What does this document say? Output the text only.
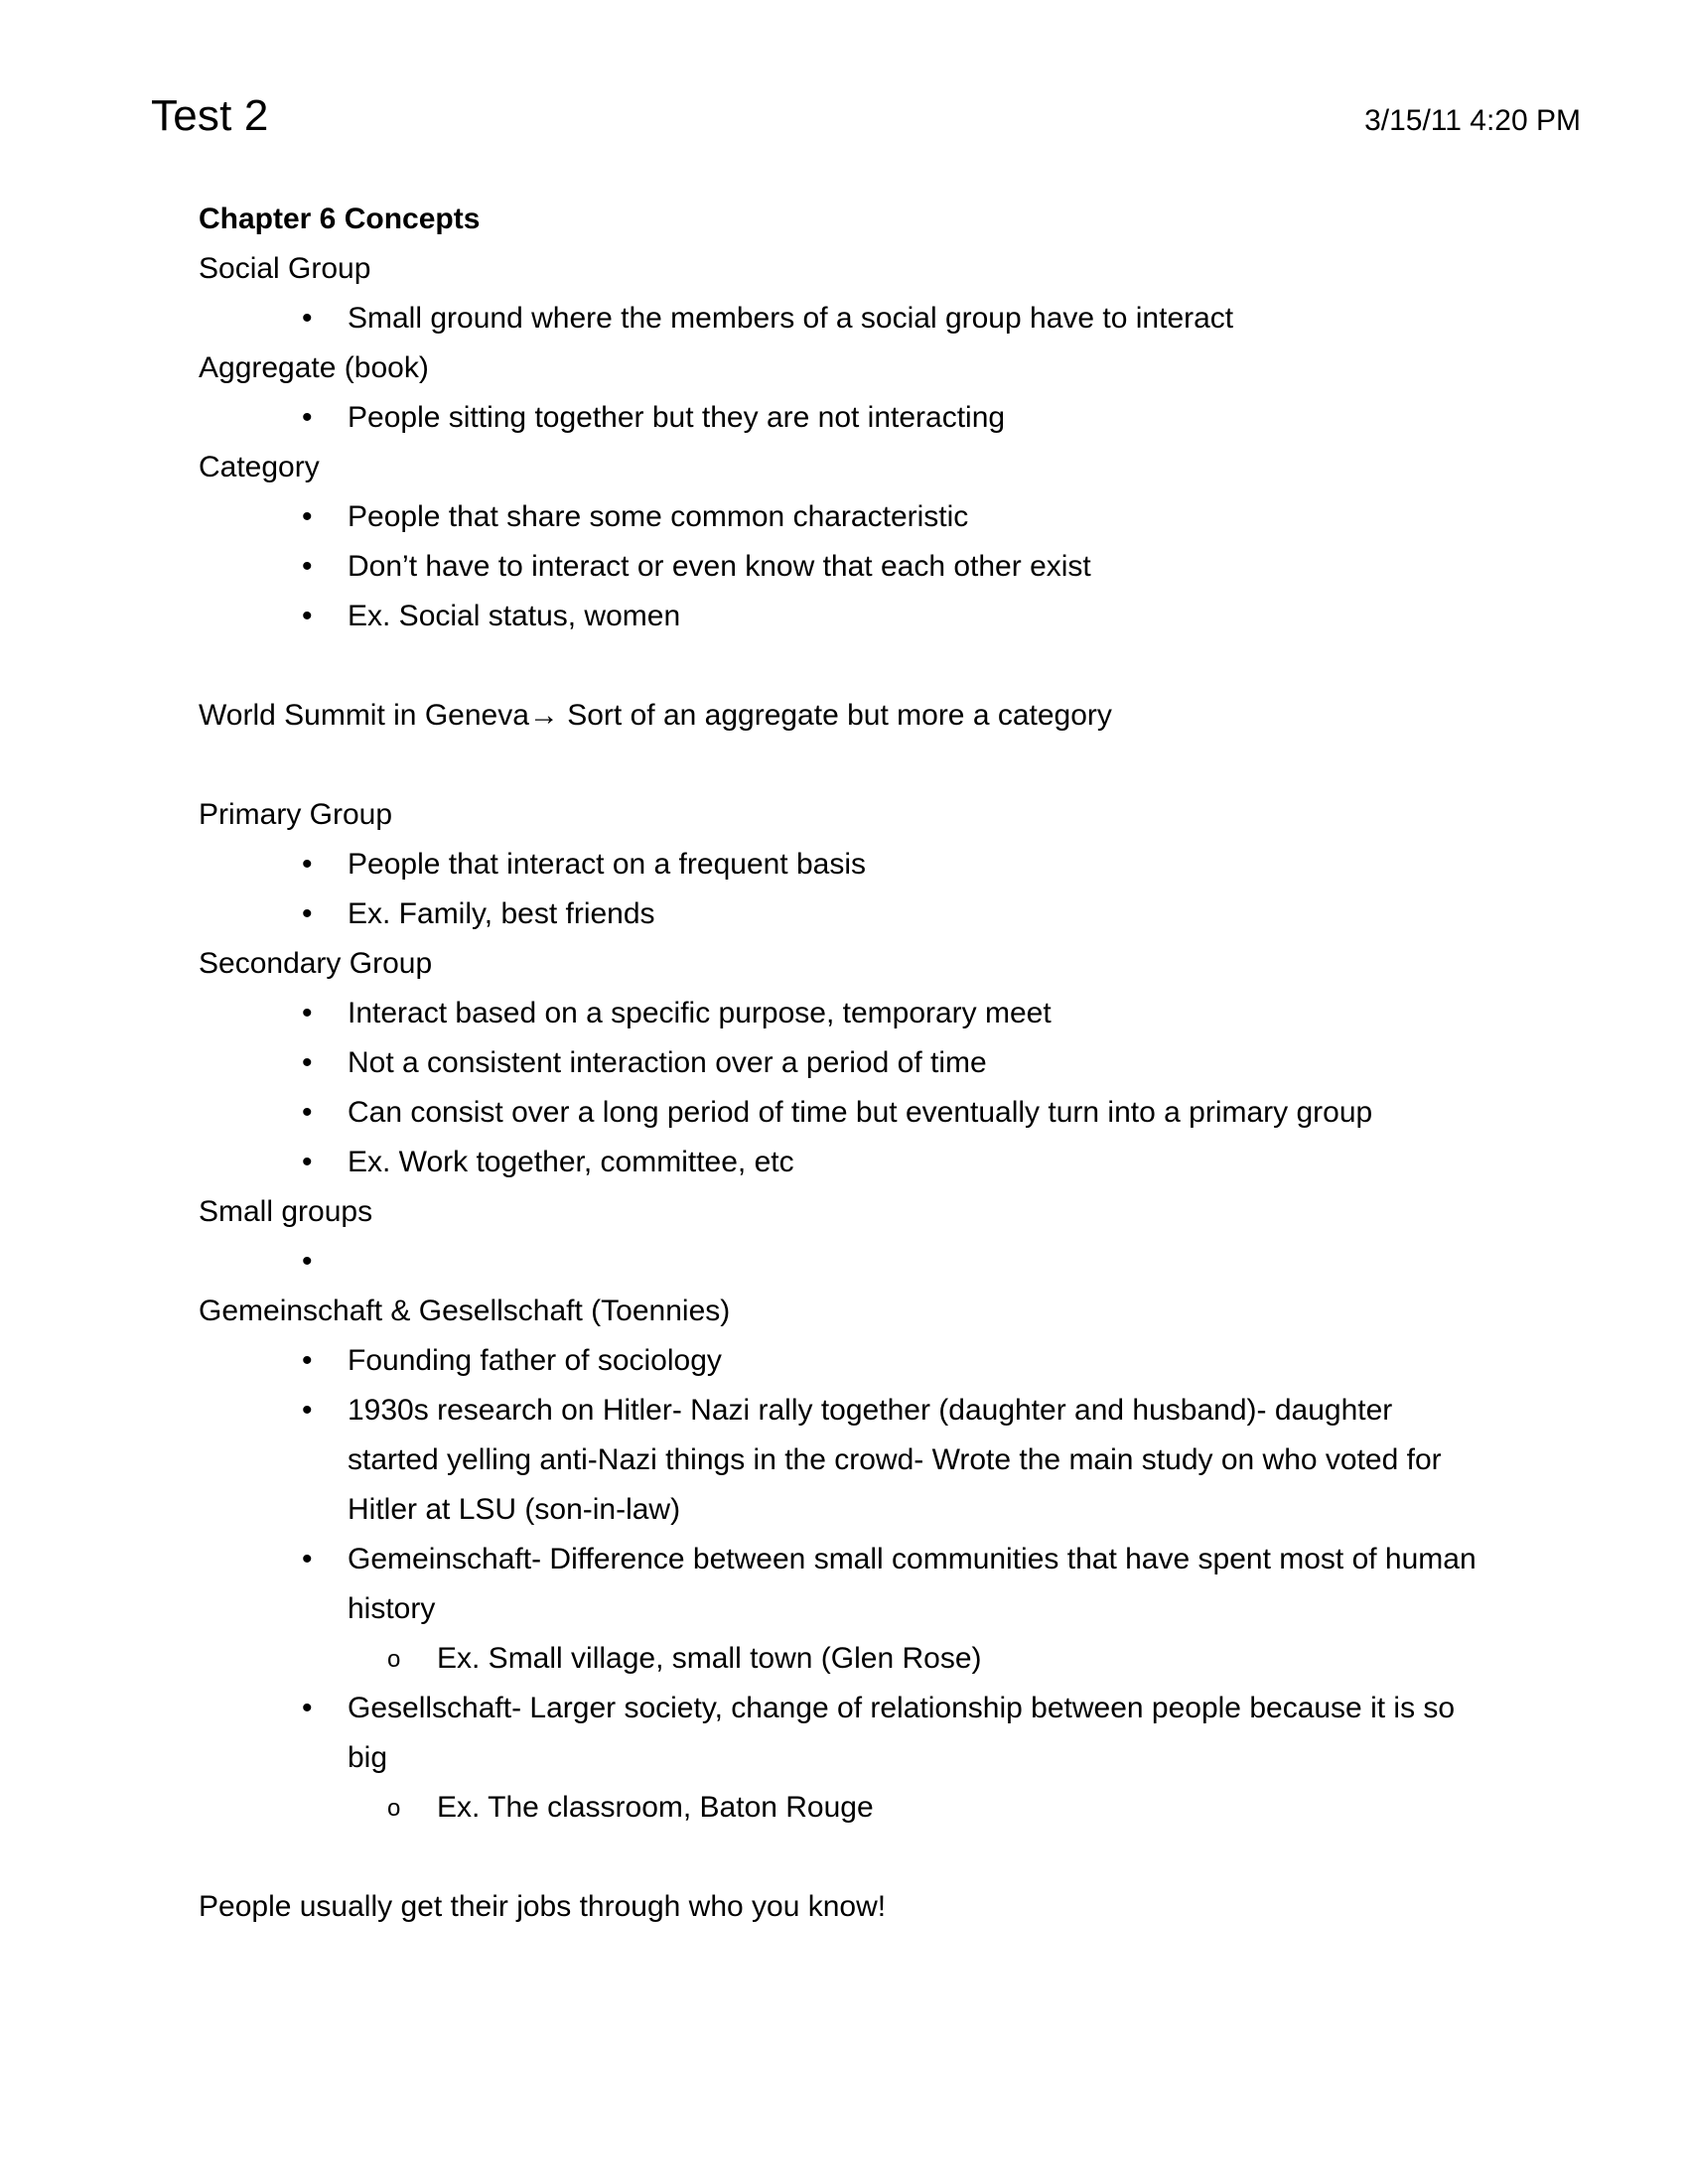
Test 2	3/15/11 4:20 PM
Chapter 6 Concepts
Social Group
•	Small ground where the members of a social group have to interact
Aggregate (book)
•	People sitting together but they are not interacting
Category
•	People that share some common characteristic
•	Don’t have to interact or even know that each other exist
•	Ex. Social status, women
World Summit in Geneva→ Sort of an aggregate but more a category
Primary Group
•	People that interact on a frequent basis
•	Ex. Family, best friends
Secondary Group
•	Interact based on a specific purpose, temporary meet
•	Not a consistent interaction over a period of time
•	Can consist over a long period of time but eventually turn into a primary group
•	Ex. Work together, committee, etc
Small groups
•
Gemeinschaft & Gesellschaft (Toennies)
•	Founding father of sociology
•	1930s research on Hitler- Nazi rally together (daughter and husband)- daughter started yelling anti-Nazi things in the crowd- Wrote the main study on who voted for Hitler at LSU (son-in-law)
•	Gemeinschaft- Difference between small communities that have spent most of human history
o	Ex. Small village, small town (Glen Rose)
•	Gesellschaft- Larger society, change of relationship between people because it is so big
o	Ex. The classroom, Baton Rouge
People usually get their jobs through who you know!
